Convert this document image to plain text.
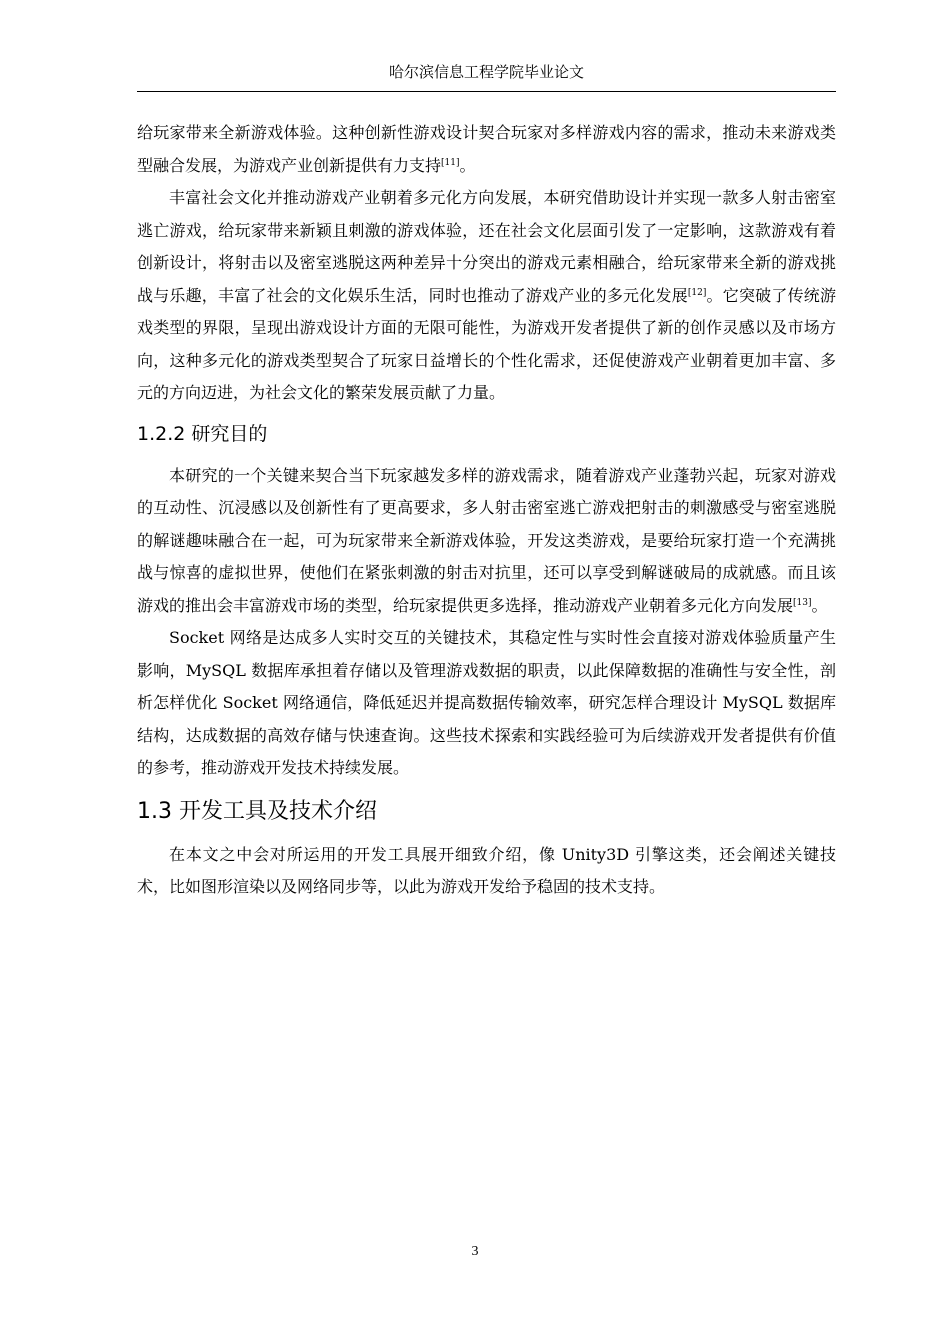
哈尔滨信息工程学院毕业论文

给玩家带来全新游戏体验。这种创新性游戏设计契合玩家对多样游戏内容的需求，推动未来游戏类型融合发展，为游戏产业创新提供有力支持[11]。

丰富社会文化并推动游戏产业朝着多元化方向发展，本研究借助设计并实现一款多人射击密室逃亡游戏，给玩家带来新颖且刺激的游戏体验，还在社会文化层面引发了一定影响，这款游戏有着创新设计，将射击以及密室逃脱这两种差异十分突出的游戏元素相融合，给玩家带来全新的游戏挑战与乐趣，丰富了社会的文化娱乐生活，同时也推动了游戏产业的多元化发展[12]。它突破了传统游戏类型的界限，呈现出游戏设计方面的无限可能性，为游戏开发者提供了新的创作灵感以及市场方向，这种多元化的游戏类型契合了玩家日益增长的个性化需求，还促使游戏产业朝着更加丰富、多元的方向迈进，为社会文化的繁荣发展贡献了力量。

1.2.2 研究目的

本研究的一个关键来契合当下玩家越发多样的游戏需求，随着游戏产业蓬勃兴起，玩家对游戏的互动性、沉浸感以及创新性有了更高要求，多人射击密室逃亡游戏把射击的刺激感受与密室逃脱的解谜趣味融合在一起，可为玩家带来全新游戏体验，开发这类游戏，是要给玩家打造一个充满挑战与惊喜的虚拟世界，使他们在紧张刺激的射击对抗里，还可以享受到解谜破局的成就感。而且该游戏的推出会丰富游戏市场的类型，给玩家提供更多选择，推动游戏产业朝着多元化方向发展[13]。

Socket 网络是达成多人实时交互的关键技术，其稳定性与实时性会直接对游戏体验质量产生影响，MySQL 数据库承担着存储以及管理游戏数据的职责，以此保障数据的准确性与安全性，剖析怎样优化 Socket 网络通信，降低延迟并提高数据传输效率，研究怎样合理设计 MySQL 数据库结构，达成数据的高效存储与快速查询。这些技术探索和实践经验可为后续游戏开发者提供有价值的参考，推动游戏开发技术持续发展。

1.3 开发工具及技术介绍

在本文之中会对所运用的开发工具展开细致介绍，像 Unity3D 引擎这类，还会阐述关键技术，比如图形渲染以及网络同步等，以此为游戏开发给予稳固的技术支持。

3
